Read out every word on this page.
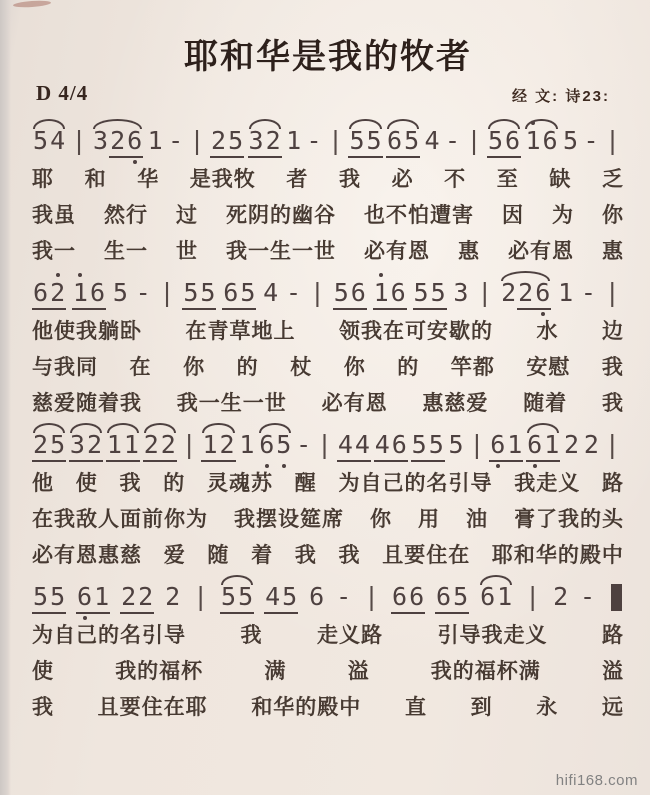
耶和华是我的牧者
D 4/4	经 文: 诗23:
5 4 | 3 2 6 1 - | 2 5 3 2 1 - | 5 5 6 5 4 - | 5 6 1 6 5 - |
耶 和 华 是我牧 者 我 必 不 至 缺 乏
我虽 然行 过 死阴的幽谷 也不怕遭害 因 为 你
我一 生一 世 我一生一世 必有恩 惠 必有恩 惠
6 2 1 6 5 - | 5 5 6 5 4 - | 5 6 1 6 5 5 3 | 2 2 6 1 - |
他使我躺卧 在青草地上 领我在可安歇的 水 边
与我同 在 你 的 杖 你 的 竿都 安慰 我
慈爱随着我 我一生一世 必有恩 惠慈爱 随着 我
2 5 3 2 1 1 2 2 | 1 2 1 6 5 - | 4 4 4 6 5 5 5 | 6 1 6 1 2 2 |
他 使 我 的 灵魂苏 醒 为自己的名引导 我走义 路
在我敌人面前你为 我摆设筵席 你 用 油 膏了我的头
必有恩惠慈 爱 随 着 我 我 且要住在 耶和华的殿中
5 5 6 1 2 2 2 | 5 5 4 5 6 - | 6 6 6 5 6 1 | 2 -
为自己的名引导	我	走义路	引导我走义	路
使	我的福杯	满	溢	我的福杯满	溢
我 且要住在耶 和华的殿中 直 到 永 远
hifi168.com
